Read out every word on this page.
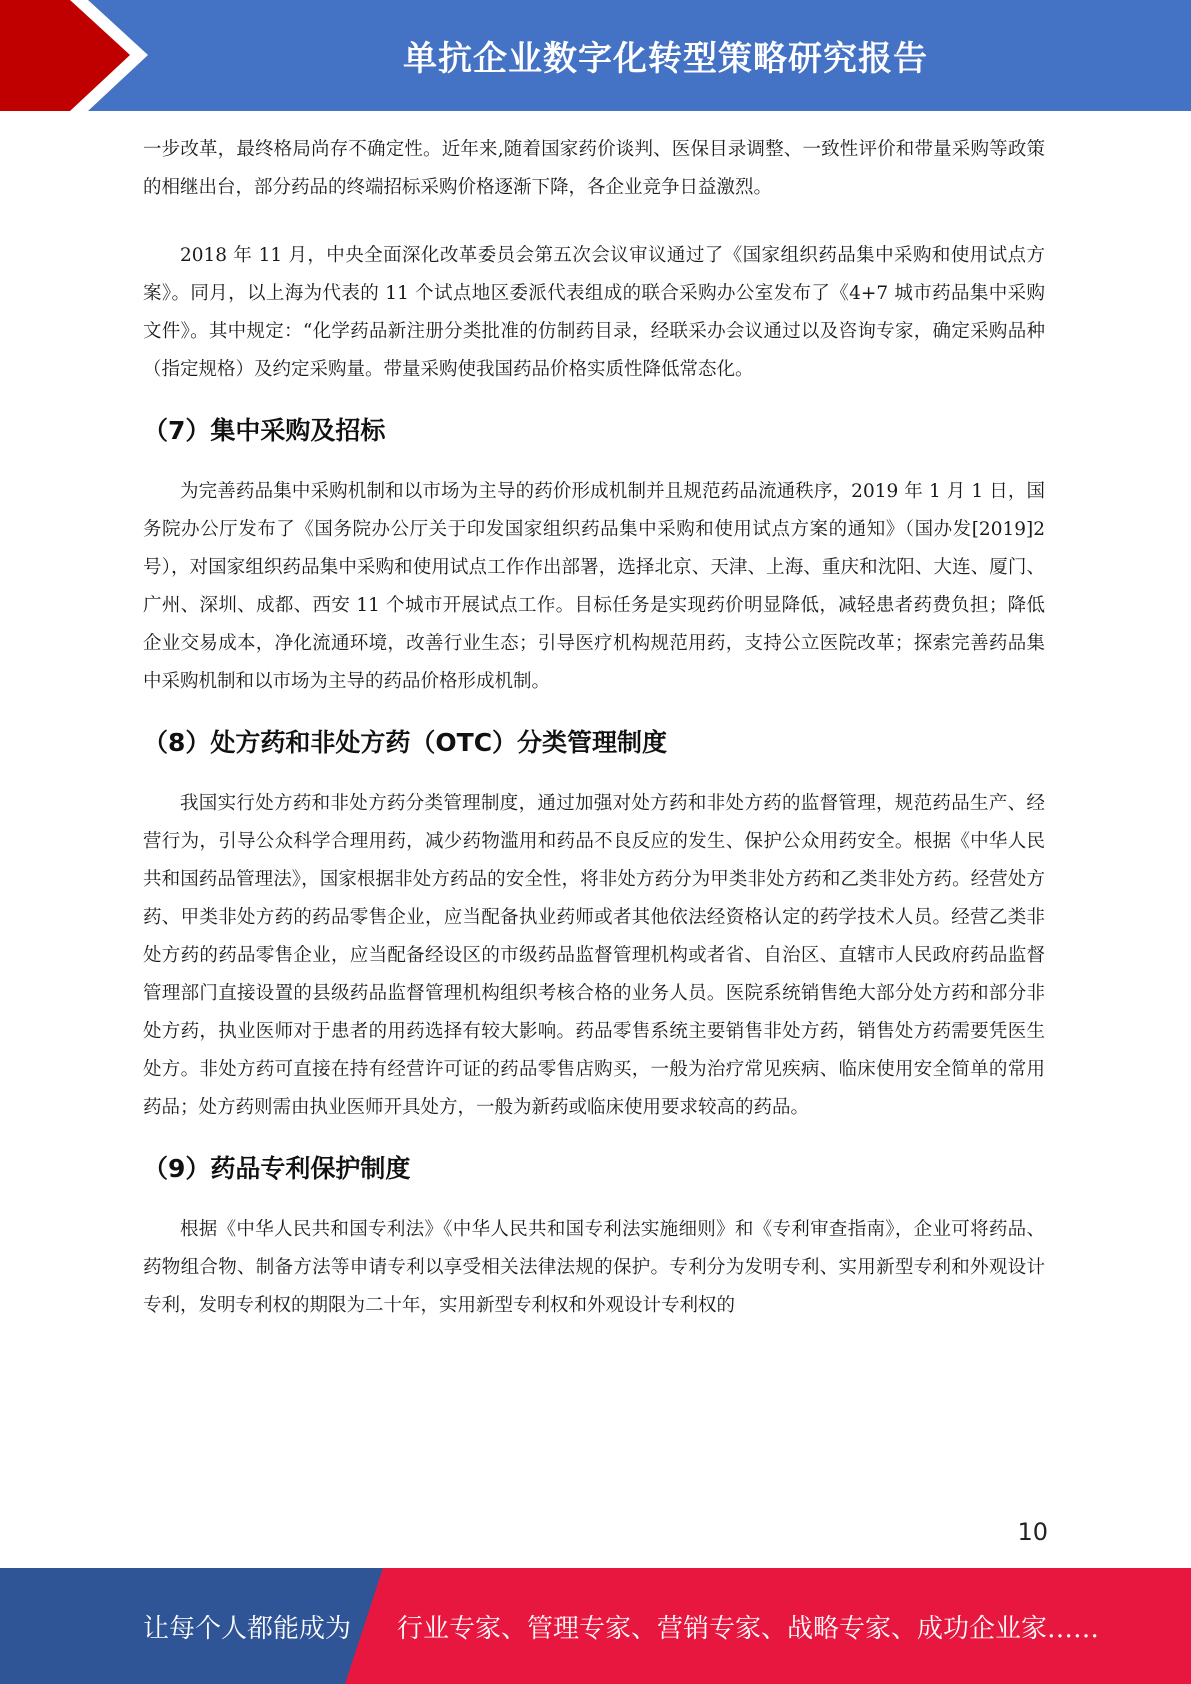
单抗企业数字化转型策略研究报告

一步改革，最终格局尚存不确定性。近年来,随着国家药价谈判、医保目录调整、一致性评价和带量采购等政策的相继出台，部分药品的终端招标采购价格逐渐下降，各企业竞争日益激烈。

2018 年 11 月，中央全面深化改革委员会第五次会议审议通过了《国家组织药品集中采购和使用试点方案》。同月，以上海为代表的 11 个试点地区委派代表组成的联合采购办公室发布了《4+7 城市药品集中采购文件》。其中规定：“化学药品新注册分类批准的仿制药目录，经联采办会议通过以及咨询专家，确定采购品种（指定规格）及约定采购量。带量采购使我国药品价格实质性降低常态化。

（7）集中采购及招标

为完善药品集中采购机制和以市场为主导的药价形成机制并且规范药品流通秩序，2019 年 1 月 1 日，国务院办公厅发布了《国务院办公厅关于印发国家组织药品集中采购和使用试点方案的通知》（国办发[2019]2 号），对国家组织药品集中采购和使用试点工作作出部署，选择北京、天津、上海、重庆和沈阳、大连、厦门、广州、深圳、成都、西安 11 个城市开展试点工作。目标任务是实现药价明显降低，减轻患者药费负担；降低企业交易成本，净化流通环境，改善行业生态；引导医疗机构规范用药，支持公立医院改革；探索完善药品集中采购机制和以市场为主导的药品价格形成机制。

（8）处方药和非处方药（OTC）分类管理制度

我国实行处方药和非处方药分类管理制度，通过加强对处方药和非处方药的监督管理，规范药品生产、经营行为，引导公众科学合理用药，减少药物滥用和药品不良反应的发生、保护公众用药安全。根据《中华人民共和国药品管理法》，国家根据非处方药品的安全性，将非处方药分为甲类非处方药和乙类非处方药。经营处方药、甲类非处方药的药品零售企业，应当配备执业药师或者其他依法经资格认定的药学技术人员。经营乙类非处方药的药品零售企业，应当配备经设区的市级药品监督管理机构或者省、自治区、直辖市人民政府药品监督管理部门直接设置的县级药品监督管理机构组织考核合格的业务人员。医院系统销售绝大部分处方药和部分非处方药，执业医师对于患者的用药选择有较大影响。药品零售系统主要销售非处方药，销售处方药需要凭医生处方。非处方药可直接在持有经营许可证的药品零售店购买，一般为治疗常见疾病、临床使用安全简单的常用药品；处方药则需由执业医师开具处方，一般为新药或临床使用要求较高的药品。

（9）药品专利保护制度

根据《中华人民共和国专利法》《中华人民共和国专利法实施细则》和《专利审查指南》，企业可将药品、药物组合物、制备方法等申请专利以享受相关法律法规的保护。专利分为发明专利、实用新型专利和外观设计专利，发明专利权的期限为二十年，实用新型专利权和外观设计专利权的

10
让每个人都能成为 行业专家、管理专家、营销专家、战略专家、成功企业家……
